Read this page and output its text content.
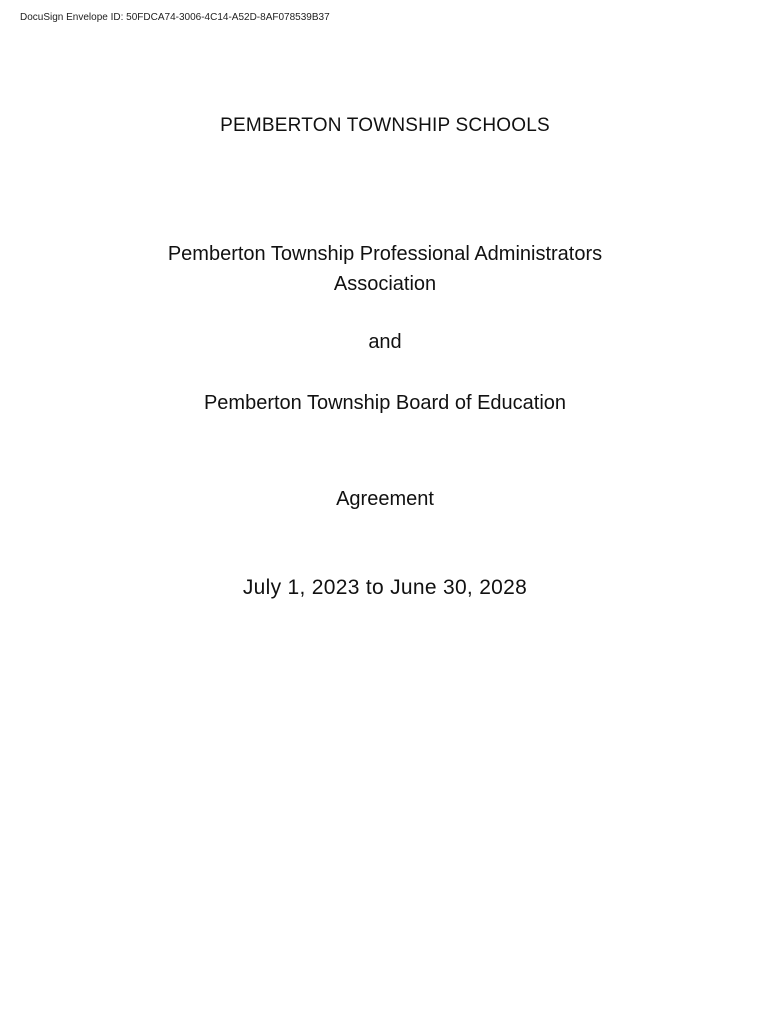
DocuSign Envelope ID: 50FDCA74-3006-4C14-A52D-8AF078539B37
PEMBERTON TOWNSHIP SCHOOLS
Pemberton Township Professional Administrators
Association
and
Pemberton Township Board of Education
Agreement
July 1, 2023 to June 30, 2028
